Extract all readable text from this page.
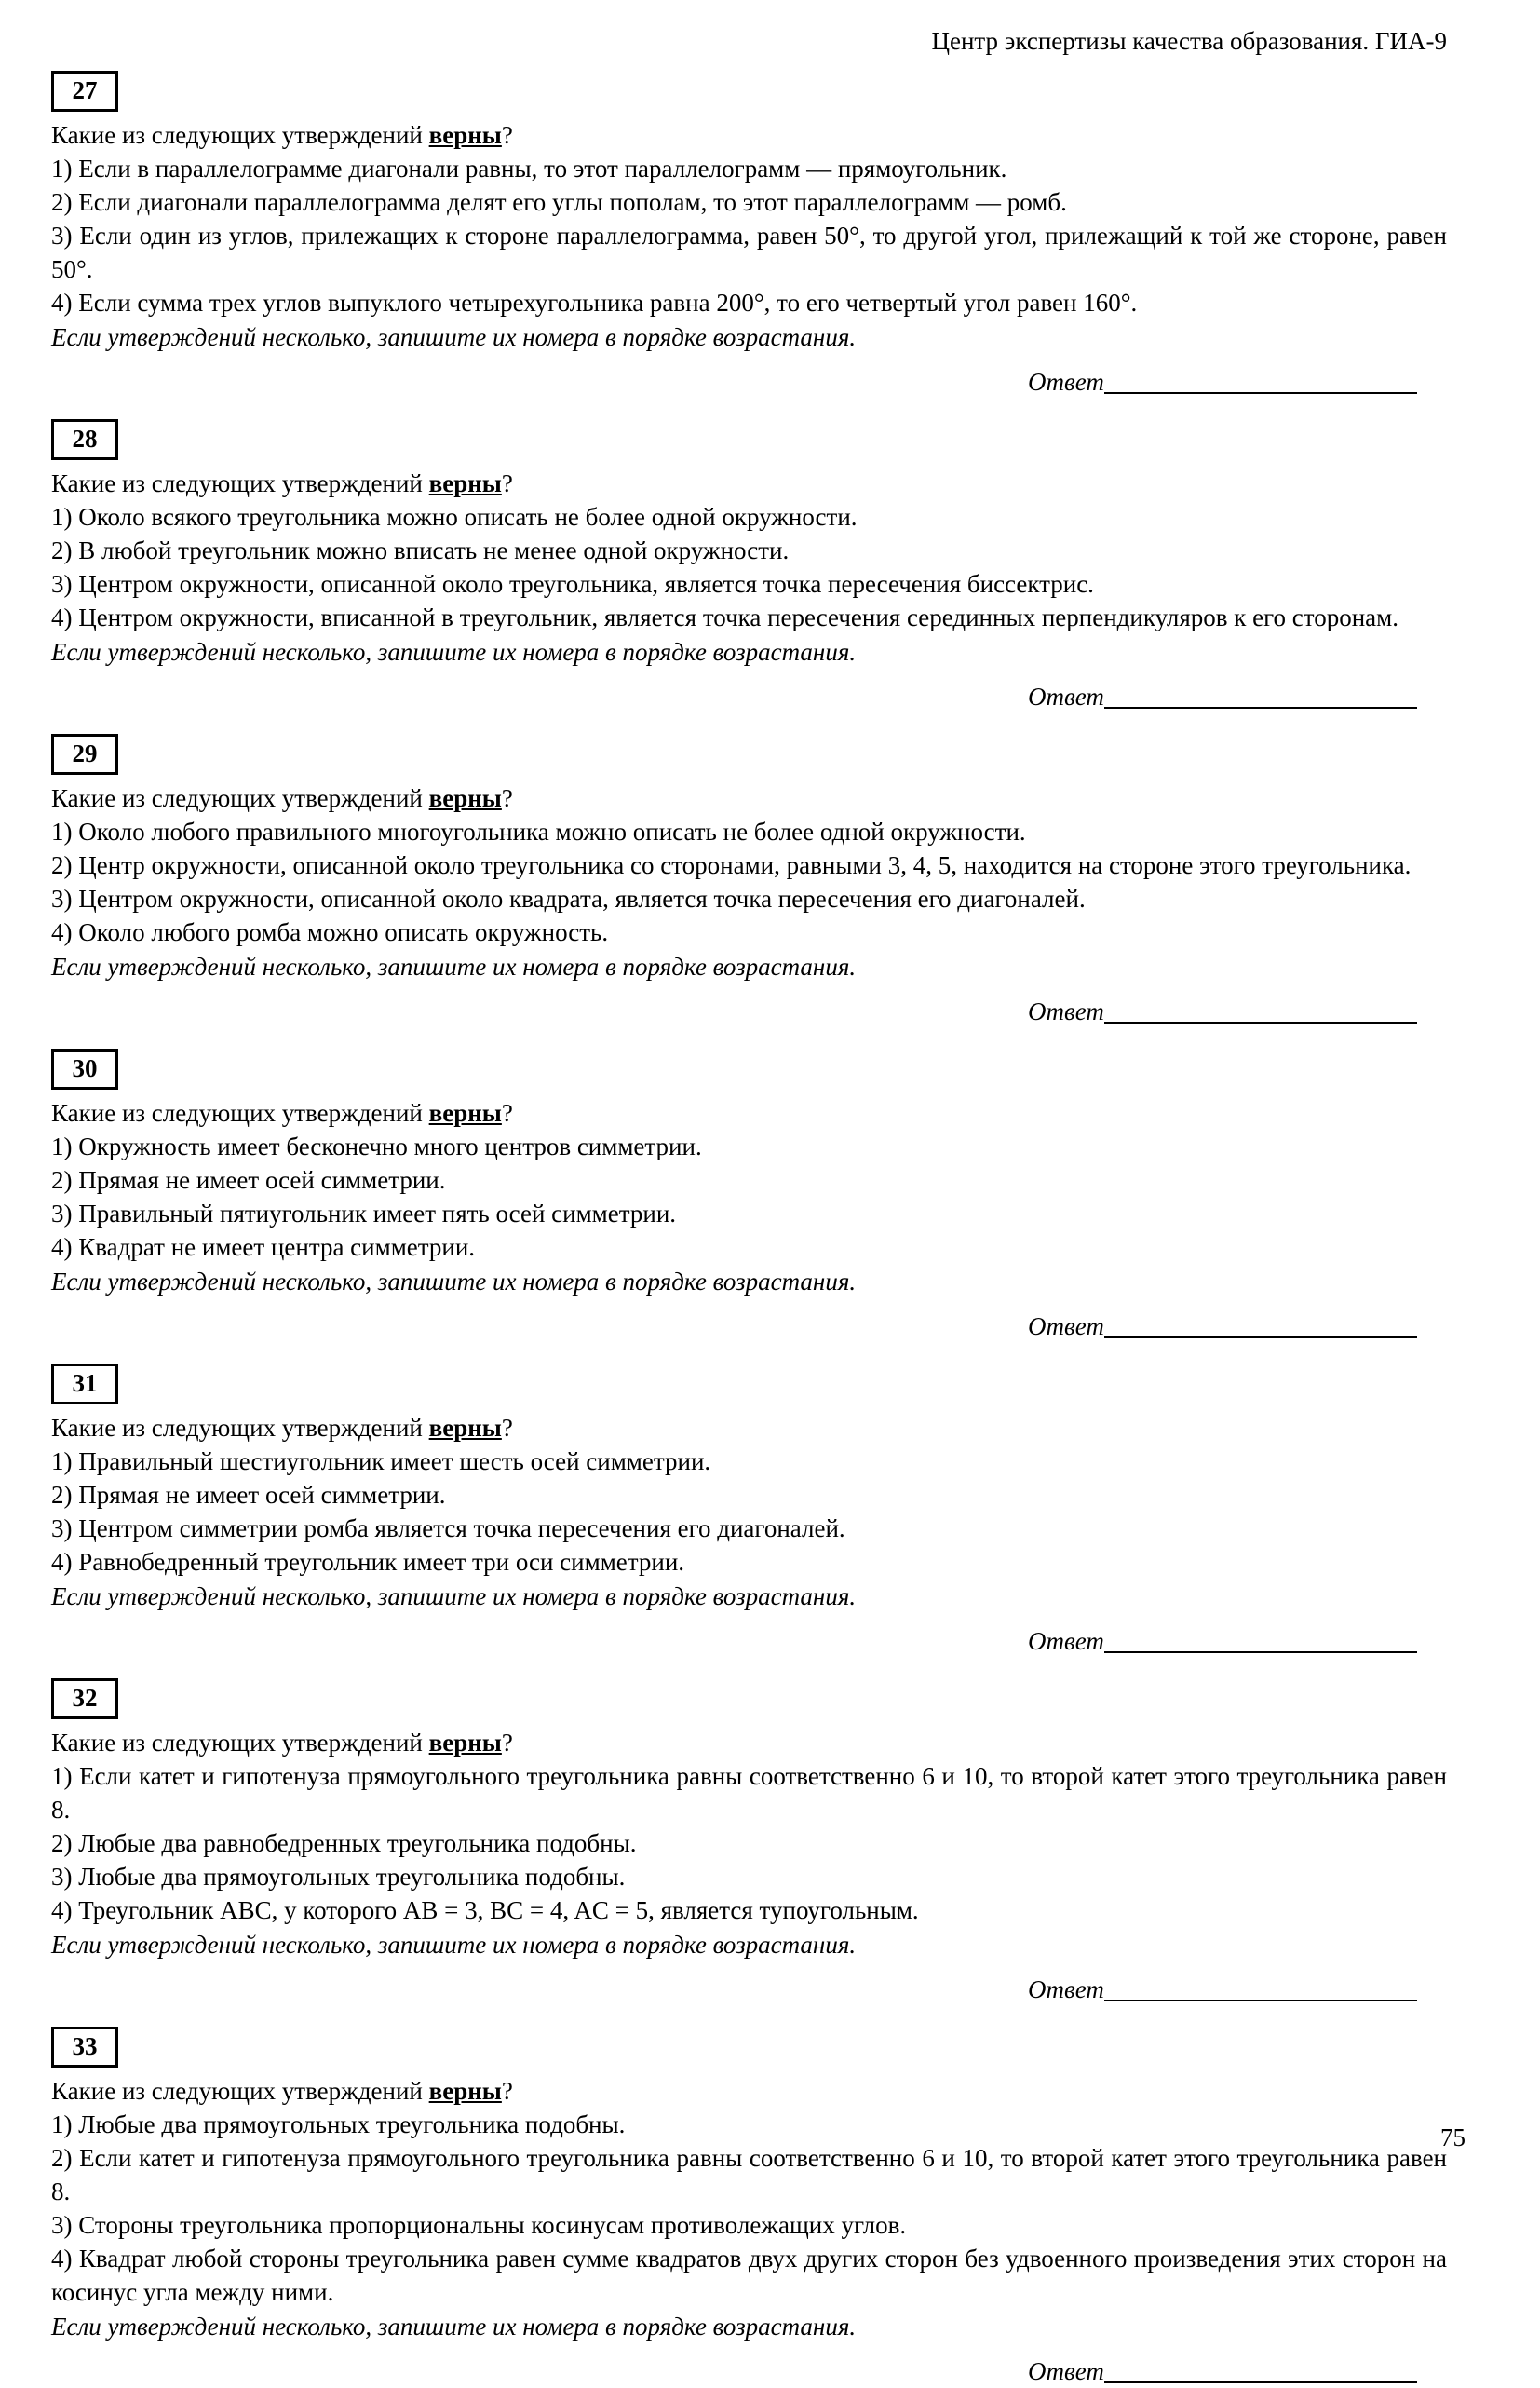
Центр экспертизы качества образования. ГИА-9
27
Какие из следующих утверждений верны?
1) Если в параллелограмме диагонали равны, то этот параллелограмм — прямоугольник.
2) Если диагонали параллелограмма делят его углы пополам, то этот параллелограмм — ромб.
3) Если один из углов, прилежащих к стороне параллелограмма, равен 50°, то другой угол, прилежащий к той же стороне, равен 50°.
4) Если сумма трех углов выпуклого четырехугольника равна 200°, то его четвертый угол равен 160°.
Если утверждений несколько, запишите их номера в порядке возрастания.
Ответ
28
Какие из следующих утверждений верны?
1) Около всякого треугольника можно описать не более одной окружности.
2) В любой треугольник можно вписать не менее одной окружности.
3) Центром окружности, описанной около треугольника, является точка пересечения биссектрис.
4) Центром окружности, вписанной в треугольник, является точка пересечения серединных перпендикуляров к его сторонам.
Если утверждений несколько, запишите их номера в порядке возрастания.
Ответ
29
Какие из следующих утверждений верны?
1) Около любого правильного многоугольника можно описать не более одной окружности.
2) Центр окружности, описанной около треугольника со сторонами, равными 3, 4, 5, находится на стороне этого треугольника.
3) Центром окружности, описанной около квадрата, является точка пересечения его диагоналей.
4) Около любого ромба можно описать окружность.
Если утверждений несколько, запишите их номера в порядке возрастания.
Ответ
30
Какие из следующих утверждений верны?
1) Окружность имеет бесконечно много центров симметрии.
2) Прямая не имеет осей симметрии.
3) Правильный пятиугольник имеет пять осей симметрии.
4) Квадрат не имеет центра симметрии.
Если утверждений несколько, запишите их номера в порядке возрастания.
Ответ
31
Какие из следующих утверждений верны?
1) Правильный шестиугольник имеет шесть осей симметрии.
2) Прямая не имеет осей симметрии.
3) Центром симметрии ромба является точка пересечения его диагоналей.
4) Равнобедренный треугольник имеет три оси симметрии.
Если утверждений несколько, запишите их номера в порядке возрастания.
Ответ
32
Какие из следующих утверждений верны?
1) Если катет и гипотенуза прямоугольного треугольника равны соответственно 6 и 10, то второй катет этого треугольника равен 8.
2) Любые два равнобедренных треугольника подобны.
3) Любые два прямоугольных треугольника подобны.
4) Треугольник ABC, у которого AB = 3, BC = 4, AC = 5, является тупоугольным.
Если утверждений несколько, запишите их номера в порядке возрастания.
Ответ
33
Какие из следующих утверждений верны?
1) Любые два прямоугольных треугольника подобны.
2) Если катет и гипотенуза прямоугольного треугольника равны соответственно 6 и 10, то второй катет этого треугольника равен 8.
3) Стороны треугольника пропорциональны косинусам противолежащих углов.
4) Квадрат любой стороны треугольника равен сумме квадратов двух других сторон без удвоенного произведения этих сторон на косинус угла между ними.
Если утверждений несколько, запишите их номера в порядке возрастания.
Ответ
75
